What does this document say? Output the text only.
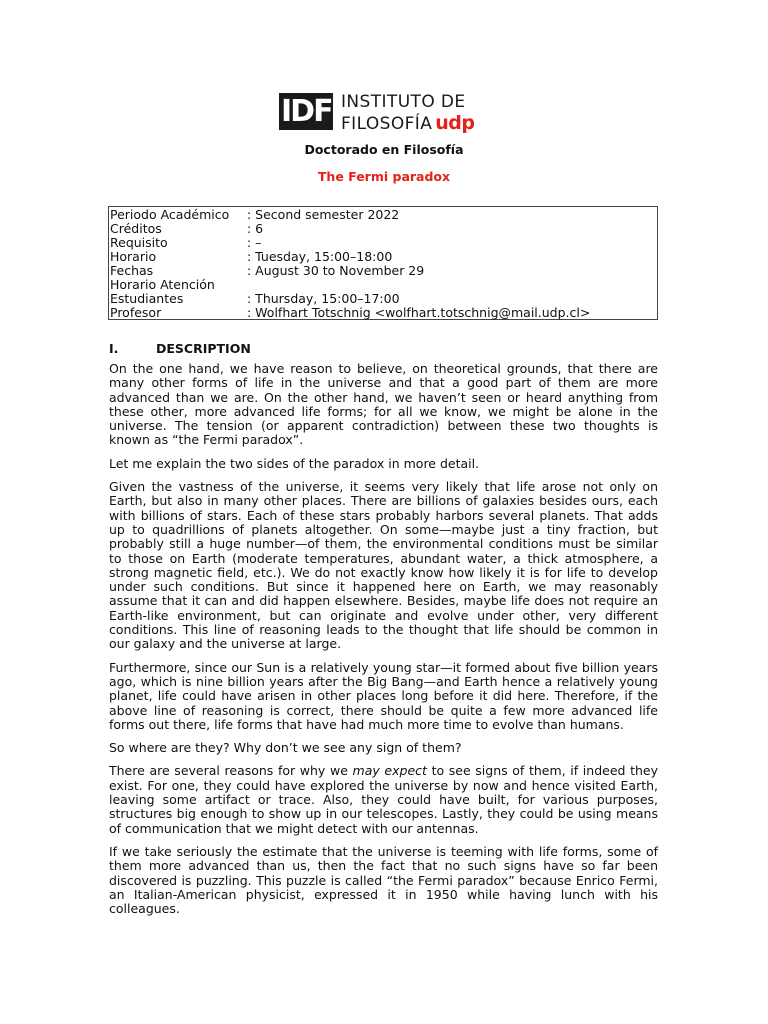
IDF INSTITUTO DE
FILOSOFÍA udp
Doctorado en Filosofía
The Fermi paradox
Periodo Académico	: Second semester 2022
Créditos	: 6
Requisito	: –
Horario	: Tuesday, 15:00–18:00
Fechas	: August 30 to November 29
Horario Atención
Estudiantes	: Thursday, 15:00–17:00
Profesor	: Wolfhart Totschnig <wolfhart.totschnig@mail.udp.cl>
I.	DESCRIPTION

On the one hand, we have reason to believe, on theoretical grounds, that there are many other forms of life in the universe and that a good part of them are more advanced than we are. On the other hand, we haven’t seen or heard anything from these other, more advanced life forms; for all we know, we might be alone in the universe. The tension (or apparent contradiction) between these two thoughts is known as “the Fermi paradox”.

Let me explain the two sides of the paradox in more detail.

Given the vastness of the universe, it seems very likely that life arose not only on Earth, but also in many other places. There are billions of galaxies besides ours, each with billions of stars. Each of these stars probably harbors several planets. That adds up to quadrillions of planets altogether. On some—maybe just a tiny fraction, but probably still a huge number—of them, the environmental conditions must be similar to those on Earth (moderate temperatures, abundant water, a thick atmosphere, a strong magnetic field, etc.). We do not exactly know how likely it is for life to develop under such conditions. But since it happened here on Earth, we may reasonably assume that it can and did happen elsewhere. Besides, maybe life does not require an Earth-like environment, but can originate and evolve under other, very different conditions. This line of reasoning leads to the thought that life should be common in our galaxy and the universe at large.

Furthermore, since our Sun is a relatively young star—it formed about five billion years ago, which is nine billion years after the Big Bang—and Earth hence a relatively young planet, life could have arisen in other places long before it did here. Therefore, if the above line of reasoning is correct, there should be quite a few more advanced life forms out there, life forms that have had much more time to evolve than humans.

So where are they? Why don’t we see any sign of them?

There are several reasons for why we may expect to see signs of them, if indeed they exist. For one, they could have explored the universe by now and hence visited Earth, leaving some artifact or trace. Also, they could have built, for various purposes, structures big enough to show up in our telescopes. Lastly, they could be using means of communication that we might detect with our antennas.

If we take seriously the estimate that the universe is teeming with life forms, some of them more advanced than us, then the fact that no such signs have so far been discovered is puzzling. This puzzle is called “the Fermi paradox” because Enrico Fermi, an Italian-American physicist, expressed it in 1950 while having lunch with his colleagues.
